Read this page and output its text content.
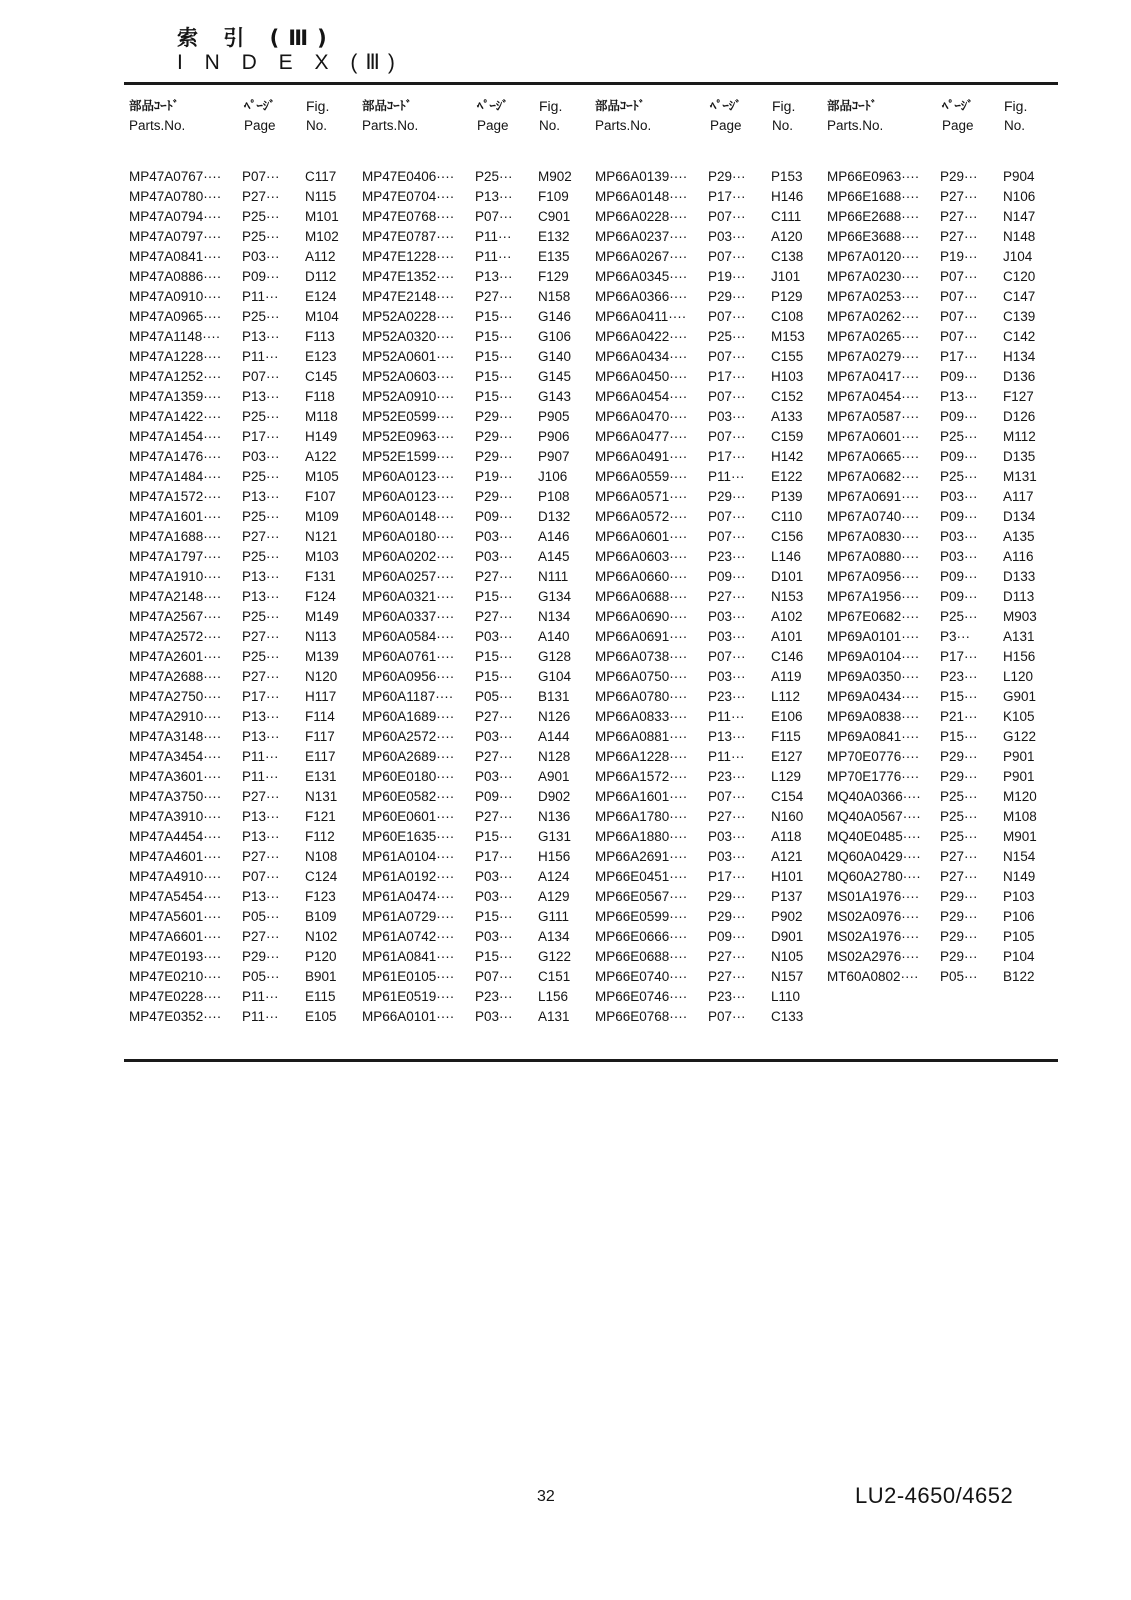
索 引 (Ⅲ)
I N D E X (Ⅲ)
部品ｺｰﾄﾞ	ﾍﾟｰｼﾞ Fig.
Parts.No.	Page No.
MP47A0767···· P07··· C117
MP47A0780···· P27··· N115
MP47A0794···· P25··· M101
MP47A0797···· P25··· M102
MP47A0841···· P03··· A112
MP47A0886···· P09··· D112
MP47A0910···· P11··· E124
MP47A0965···· P25··· M104
MP47A1148···· P13··· F113
MP47A1228···· P11··· E123
MP47A1252···· P07··· C145
MP47A1359···· P13··· F118
MP47A1422···· P25··· M118
MP47A1454···· P17··· H149
MP47A1476···· P03··· A122
MP47A1484···· P25··· M105
MP47A1572···· P13··· F107
MP47A1601···· P25··· M109
MP47A1688···· P27··· N121
MP47A1797···· P25··· M103
MP47A1910···· P13··· F131
MP47A2148···· P13··· F124
MP47A2567···· P25··· M149
MP47A2572···· P27··· N113
MP47A2601···· P25··· M139
MP47A2688···· P27··· N120
MP47A2750···· P17··· H117
MP47A2910···· P13··· F114
MP47A3148···· P13··· F117
MP47A3454···· P11··· E117
MP47A3601···· P11··· E131
MP47A3750···· P27··· N131
MP47A3910···· P13··· F121
MP47A4454···· P13··· F112
MP47A4601···· P27··· N108
MP47A4910···· P07··· C124
MP47A5454···· P13··· F123
MP47A5601···· P05··· B109
MP47A6601···· P27··· N102
MP47E0193···· P29··· P120
MP47E0210···· P05··· B901
MP47E0228···· P11··· E115
MP47E0352···· P11··· E105
部品ｺｰﾄﾞ	ﾍﾟｰｼﾞ Fig.
Parts.No.	Page No.
MP47E0406···· P25··· M902
MP47E0704···· P13··· F109
MP47E0768···· P07··· C901
MP47E0787···· P11··· E132
MP47E1228···· P11··· E135
MP47E1352···· P13··· F129
MP47E2148···· P27··· N158
MP52A0228···· P15··· G146
MP52A0320···· P15··· G106
MP52A0601···· P15··· G140
MP52A0603···· P15··· G145
MP52A0910···· P15··· G143
MP52E0599···· P29··· P905
MP52E0963···· P29··· P906
MP52E1599···· P29··· P907
MP60A0123···· P19··· J106
MP60A0123···· P29··· P108
MP60A0148···· P09··· D132
MP60A0180···· P03··· A146
MP60A0202···· P03··· A145
MP60A0257···· P27··· N111
MP60A0321···· P15··· G134
MP60A0337···· P27··· N134
MP60A0584···· P03··· A140
MP60A0761···· P15··· G128
MP60A0956···· P15··· G104
MP60A1187···· P05··· B131
MP60A1689···· P27··· N126
MP60A2572···· P03··· A144
MP60A2689···· P27··· N128
MP60E0180···· P03··· A901
MP60E0582···· P09··· D902
MP60E0601···· P27··· N136
MP60E1635···· P15··· G131
MP61A0104···· P17··· H156
MP61A0192···· P03··· A124
MP61A0474···· P03··· A129
MP61A0729···· P15··· G111
MP61A0742···· P03··· A134
MP61A0841···· P15··· G122
MP61E0105···· P07··· C151
MP61E0519···· P23··· L156
MP66A0101···· P03··· A131
部品ｺｰﾄﾞ	ﾍﾟｰｼﾞ Fig.
Parts.No.	Page No.
MP66A0139···· P29··· P153
MP66A0148···· P17··· H146
MP66A0228···· P07··· C111
MP66A0237···· P03··· A120
MP66A0267···· P07··· C138
MP66A0345···· P19··· J101
MP66A0366···· P29··· P129
MP66A0411···· P07··· C108
MP66A0422···· P25··· M153
MP66A0434···· P07··· C155
MP66A0450···· P17··· H103
MP66A0454···· P07··· C152
MP66A0470···· P03··· A133
MP66A0477···· P07··· C159
MP66A0491···· P17··· H142
MP66A0559···· P11··· E122
MP66A0571···· P29··· P139
MP66A0572···· P07··· C110
MP66A0601···· P07··· C156
MP66A0603···· P23··· L146
MP66A0660···· P09··· D101
MP66A0688···· P27··· N153
MP66A0690···· P03··· A102
MP66A0691···· P03··· A101
MP66A0738···· P07··· C146
MP66A0750···· P03··· A119
MP66A0780···· P23··· L112
MP66A0833···· P11··· E106
MP66A0881···· P13··· F115
MP66A1228···· P11··· E127
MP66A1572···· P23··· L129
MP66A1601···· P07··· C154
MP66A1780···· P27··· N160
MP66A1880···· P03··· A118
MP66A2691···· P03··· A121
MP66E0451···· P17··· H101
MP66E0567···· P29··· P137
MP66E0599···· P29··· P902
MP66E0666···· P09··· D901
MP66E0688···· P27··· N105
MP66E0740···· P27··· N157
MP66E0746···· P23··· L110
MP66E0768···· P07··· C133
部品ｺｰﾄﾞ	ﾍﾟｰｼﾞ Fig.
Parts.No.	Page No.
MP66E0963···· P29··· P904
MP66E1688···· P27··· N106
MP66E2688···· P27··· N147
MP66E3688···· P27··· N148
MP67A0120···· P19··· J104
MP67A0230···· P07··· C120
MP67A0253···· P07··· C147
MP67A0262···· P07··· C139
MP67A0265···· P07··· C142
MP67A0279···· P17··· H134
MP67A0417···· P09··· D136
MP67A0454···· P13··· F127
MP67A0587···· P09··· D126
MP67A0601···· P25··· M112
MP67A0665···· P09··· D135
MP67A0682···· P25··· M131
MP67A0691···· P03··· A117
MP67A0740···· P09··· D134
MP67A0830···· P03··· A135
MP67A0880···· P03··· A116
MP67A0956···· P09··· D133
MP67A1956···· P09··· D113
MP67E0682···· P25··· M903
MP69A0101···· P3··· A131
MP69A0104···· P17··· H156
MP69A0350···· P23··· L120
MP69A0434···· P15··· G901
MP69A0838···· P21··· K105
MP69A0841···· P15··· G122
MP70E0776···· P29··· P901
MP70E1776···· P29··· P901
MQ40A0366···· P25··· M120
MQ40A0567···· P25··· M108
MQ40E0485···· P25··· M901
MQ60A0429···· P27··· N154
MQ60A2780···· P27··· N149
MS01A1976···· P29··· P103
MS02A0976···· P29··· P106
MS02A1976···· P29··· P105
MS02A2976···· P29··· P104
MT60A0802···· P05··· B122
32	LU2-4650/4652
